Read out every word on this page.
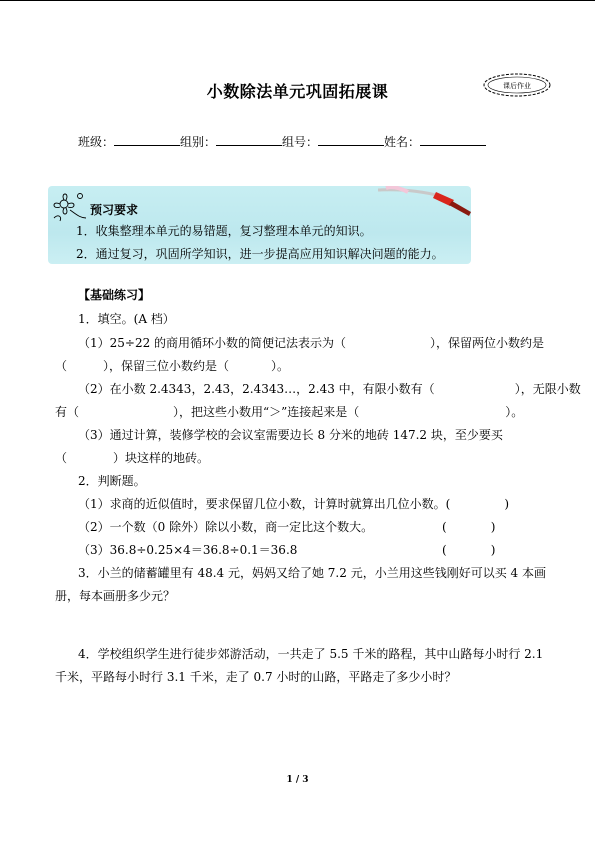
小数除法单元巩固拓展课	课后作业
班级：	组别：	组号：	姓名：
预习要求
1．收集整理本单元的易错题，复习整理本单元的知识。
2．通过复习，巩固所学知识，进一步提高应用知识解决问题的能力。
【基础练习】
1．填空。(A 档）
（1）25÷22 的商用循环小数的简便记法表示为（	），保留两位小数约是
（	），保留三位小数约是（	）。
（2）在小数 2.4343，2.43，2.4343…，2.43 中，有限小数有（	），无限小数
有（	），把这些小数用“＞”连接起来是（	）。
（3）通过计算，装修学校的会议室需要边长 8 分米的地砖 147.2 块，至少要买
（	）块这样的地砖。
2．判断题。
（1）求商的近似值时，要求保留几位小数，计算时就算出几位小数。(	)
（2）一个数（0 除外）除以小数，商一定比这个数大。	(	)
（3）36.8÷0.25×4＝36.8÷0.1＝36.8	(	)
3．小兰的储蓄罐里有 48.4 元，妈妈又给了她 7.2 元，小兰用这些钱刚好可以买 4 本画
册，每本画册多少元？
4．学校组织学生进行徒步郊游活动，一共走了 5.5 千米的路程，其中山路每小时行 2.1
千米，平路每小时行 3.1 千米，走了 0.7 小时的山路，平路走了多少小时？
1 / 3
